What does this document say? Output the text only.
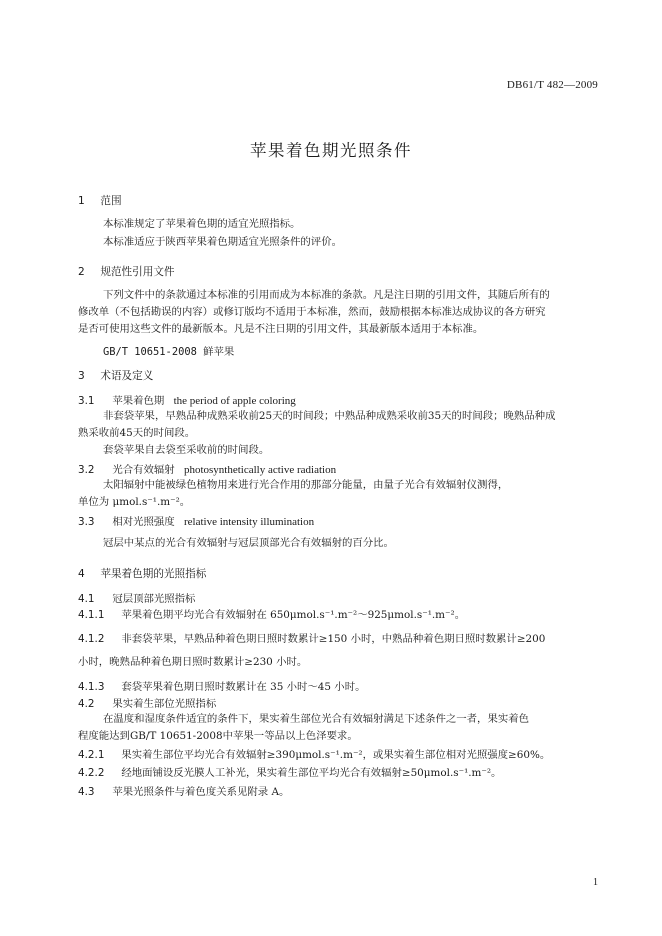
DB61/T 482—2009
苹果着色期光照条件
1 范围
本标准规定了苹果着色期的适宜光照指标。
本标准适应于陕西苹果着色期适宜光照条件的评价。
2 规范性引用文件
下列文件中的条款通过本标准的引用而成为本标准的条款。凡是注日期的引用文件，其随后所有的
修改单（不包括勘误的内容）或修订版均不适用于本标准，然而，鼓励根据本标准达成协议的各方研究
是否可使用这些文件的最新版本。凡是不注日期的引用文件，其最新版本适用于本标准。
GB/T 10651-2008 鲜苹果
3 术语及定义
3.1 苹果着色期 the period of apple coloring
非套袋苹果，早熟品种成熟采收前25天的时间段；中熟品种成熟采收前35天的时间段；晚熟品种成
熟采收前45天的时间段。
套袋苹果自去袋至采收前的时间段。
3.2 光合有效辐射 photosynthetically active radiation
太阳辐射中能被绿色植物用来进行光合作用的那部分能量，由量子光合有效辐射仪测得，
单位为 μmol.s⁻¹.m⁻²。
3.3 相对光照强度 relative intensity illumination
冠层中某点的光合有效辐射与冠层顶部光合有效辐射的百分比。
4 苹果着色期的光照指标
4.1 冠层顶部光照指标
4.1.1 苹果着色期平均光合有效辐射在 650μmol.s⁻¹.m⁻²～925μmol.s⁻¹.m⁻²。
4.1.2 非套袋苹果，早熟品种着色期日照时数累计≥150 小时，中熟品种着色期日照时数累计≥200
小时，晚熟品种着色期日照时数累计≥230 小时。
4.1.3 套袋苹果着色期日照时数累计在 35 小时～45 小时。
4.2 果实着生部位光照指标
在温度和湿度条件适宜的条件下，果实着生部位光合有效辐射满足下述条件之一者，果实着色
程度能达到GB/T 10651-2008中苹果一等品以上色泽要求。
4.2.1 果实着生部位平均光合有效辐射≥390μmol.s⁻¹.m⁻²，或果实着生部位相对光照强度≥60%。
4.2.2 经地面铺设反光膜人工补光，果实着生部位平均光合有效辐射≥50μmol.s⁻¹.m⁻²。
4.3 苹果光照条件与着色度关系见附录 A。
1
